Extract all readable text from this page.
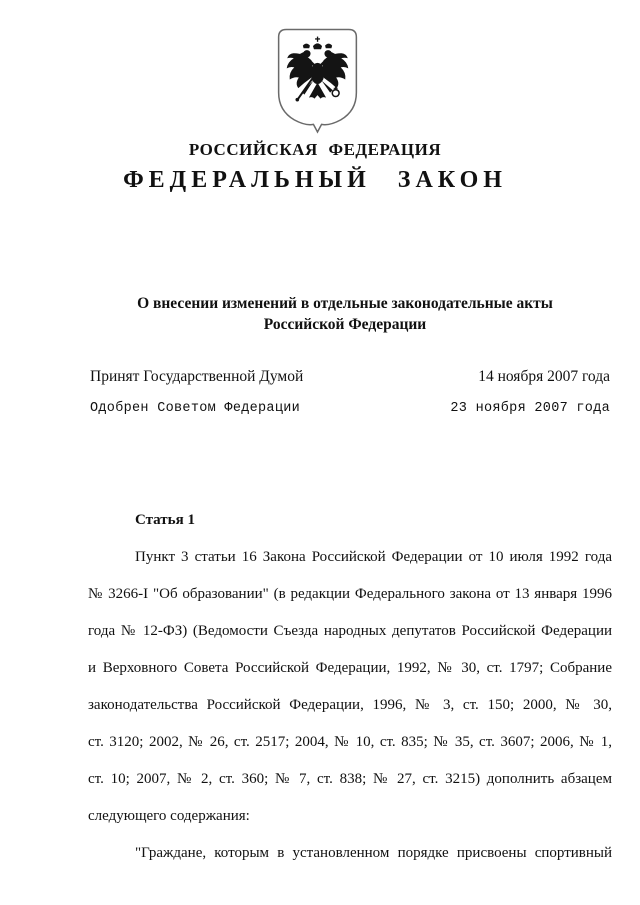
РОССИЙСКАЯ ФЕДЕРАЦИЯ
ФЕДЕРАЛЬНЫЙ ЗАКОН
О внесении изменений в отдельные законодательные акты
Российской Федерации
Принят Государственной Думой	14 ноября 2007 года
Одобрен Советом Федерации	23 ноября 2007 года
Статья 1
Пункт 3 статьи 16 Закона Российской Федерации от 10 июля 1992 года
№ 3266-I "Об образовании" (в редакции Федерального закона от 13 января 1996
года № 12-ФЗ) (Ведомости Съезда народных депутатов Российской Федерации
и Верховного Совета Российской Федерации, 1992, № 30, ст. 1797; Собрание
законодательства Российской Федерации, 1996, № 3, ст. 150; 2000, № 30,
ст. 3120; 2002, № 26, ст. 2517; 2004, № 10, ст. 835; № 35, ст. 3607; 2006, № 1,
ст. 10; 2007, № 2, ст. 360; № 7, ст. 838; № 27, ст. 3215) дополнить абзацем
следующего содержания:
"Граждане, которым в установленном порядке присвоены спортивный
